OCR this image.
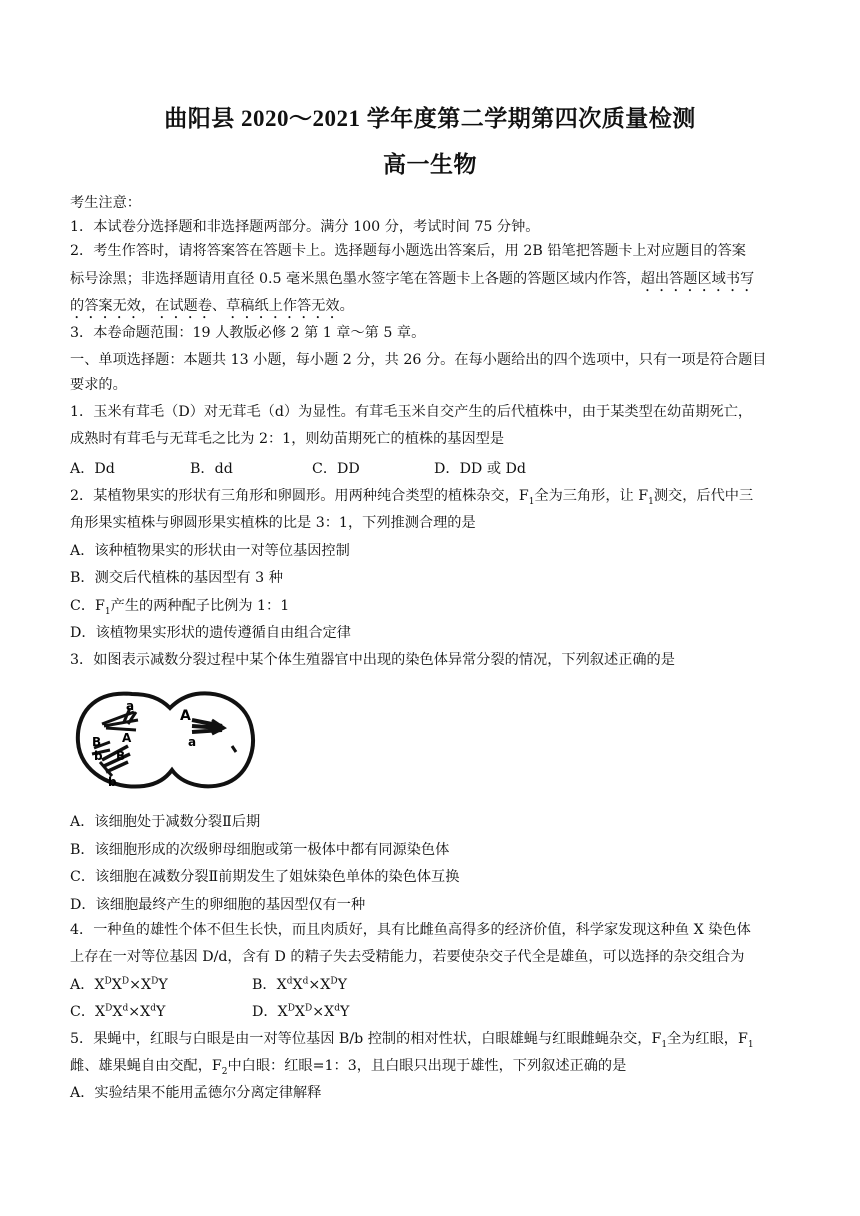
曲阳县 2020～2021 学年度第二学期第四次质量检测
高一生物
考生注意：
1．本试卷分选择题和非选择题两部分。满分 100 分，考试时间 75 分钟。
2．考生作答时，请将答案答在答题卡上。选择题每小题选出答案后，用 2B 铅笔把答题卡上对应题目的答案
标号涂黑；非选择题请用直径 0.5 毫米黑色墨水签字笔在答题卡上各题的答题区域内作答，超出答题区域书写
的答案无效，在试题卷、草稿纸上作答无效。
3．本卷命题范围：19 人教版必修 2 第 1 章～第 5 章。
一、单项选择题：本题共 13 小题，每小题 2 分，共 26 分。在每小题给出的四个选项中，只有一项是符合题目
要求的。
1．玉米有茸毛（D）对无茸毛（d）为显性。有茸毛玉米自交产生的后代植株中，由于某类型在幼苗期死亡，
成熟时有茸毛与无茸毛之比为 2：1，则幼苗期死亡的植株的基因型是
A．Dd	B．dd	C．DD	D．DD 或 Dd
2．某植物果实的形状有三角形和卵圆形。用两种纯合类型的植株杂交，$F_1$全为三角形，让 $F_1$测交，后代中三
角形果实植株与卵圆形果实植株的比是 3：1，下列推测合理的是
A．该种植物果实的形状由一对等位基因控制
B．测交后代植株的基因型有 3 种
C．$F_1$产生的两种配子比例为 1：1
D．该植物果实形状的遗传遵循自由组合定律
3．如图表示减数分裂过程中某个体生殖器官中出现的染色体异常分裂的情况，下列叙述正确的是
a
A
B
b B
b
A
a
A．该细胞处于减数分裂Ⅱ后期
B．该细胞形成的次级卵母细胞或第一极体中都有同源染色体
C．该细胞在减数分裂Ⅱ前期发生了姐妹染色单体的染色体互换
D．该细胞最终产生的卵细胞的基因型仅有一种
4．一种鱼的雄性个体不但生长快，而且肉质好，具有比雌鱼高得多的经济价值，科学家发现这种鱼 X 染色体
上存在一对等位基因 D/d，含有 D 的精子失去受精能力，若要使杂交子代全是雄鱼，可以选择的杂交组合为
A．$X^DX^D\times X^DY$	B．$X^dX^d\times X^DY$
C．$X^DX^d\times X^dY$	D．$X^DX^D\times X^dY$
5．果蝇中，红眼与白眼是由一对等位基因 B/b 控制的相对性状，白眼雄蝇与红眼雌蝇杂交，$F_1$全为红眼，$F_1$
雌、雄果蝇自由交配，$F_2$中白眼：红眼=1：3，且白眼只出现于雄性，下列叙述正确的是
A．实验结果不能用孟德尔分离定律解释
